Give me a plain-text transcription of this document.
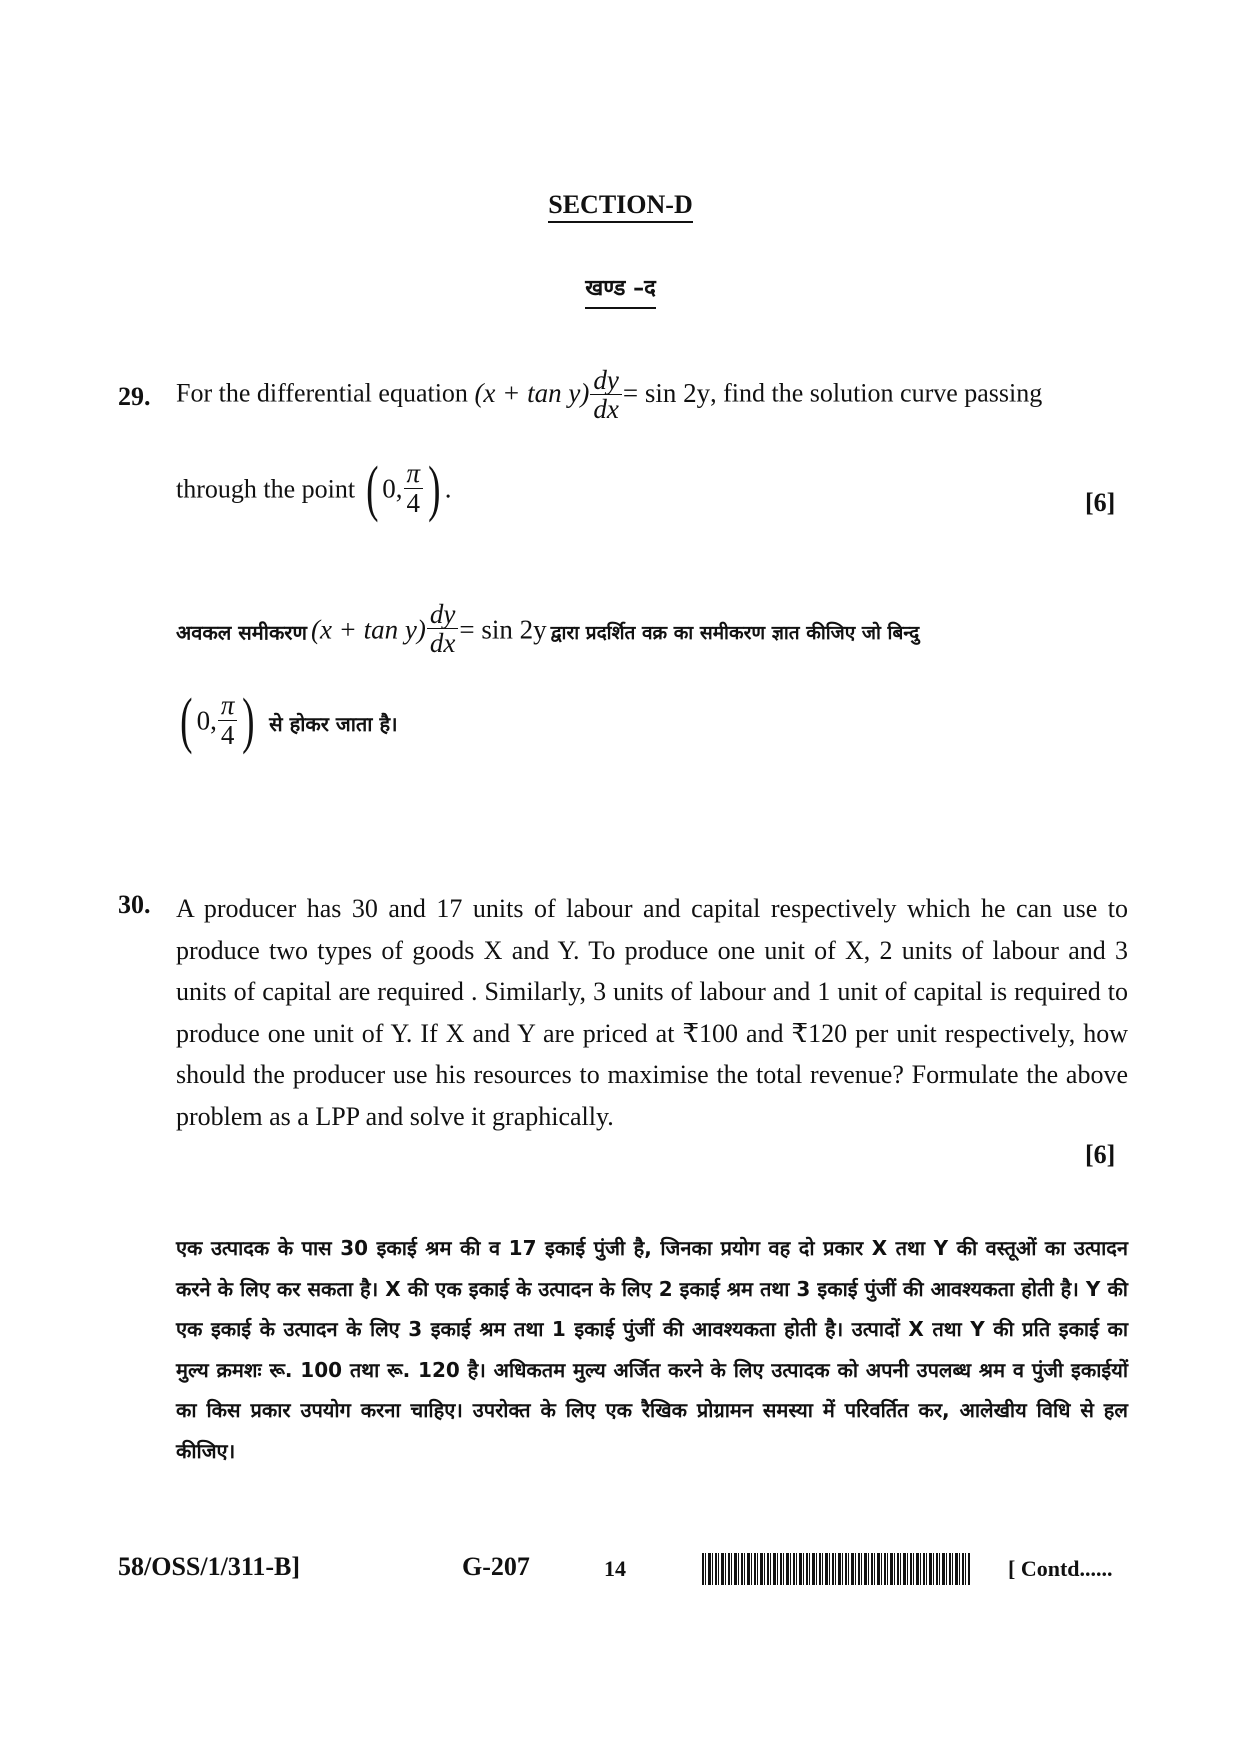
SECTION-D
खण्ड –द
29. For the differential equation $(x + \tan y) \frac{dy}{dx} = \sin 2y$, find the solution curve passing
through the point ( 0, $\frac{\pi}{4}$ ) .	[6]
अवकल समीकरण $(x + \tan y) \frac{dy}{dx} = \sin 2y$ द्वारा प्रदर्शित वक्र का समीकरण ज्ञात कीजिए जो बिन्दु
( 0, $\frac{\pi}{4}$ ) से होकर जाता है।
30. A producer has 30 and 17 units of labour and capital respectively which he can use to produce two types of goods X and Y. To produce one unit of X, 2 units of labour and 3 units of capital are required . Similarly, 3 units of labour and 1 unit of capital is required to produce one unit of Y. If X and Y are priced at ₹100 and ₹120 per unit respectively, how should the producer use his resources to maximise the total revenue? Formulate the above problem as a LPP and solve it graphically.
[6]
एक उत्पादक के पास 30 इकाई श्रम की व 17 इकाई पुंजी है, जिनका प्रयोग वह दो प्रकार X तथा Y की वस्तूओं का उत्पादन करने के लिए कर सकता है। X की एक इकाई के उत्पादन के लिए 2 इकाई श्रम तथा 3 इकाई पुंजीं की आवश्यकता होती है। Y की एक इकाई के उत्पादन के लिए 3 इकाई श्रम तथा 1 इकाई पुंजीं की आवश्यकता होती है। उत्पादों X तथा Y की प्रति इकाई का मुल्य क्रमशः रू. 100 तथा रू. 120 है। अधिकतम मुल्य अर्जित करने के लिए उत्पादक को अपनी उपलब्ध श्रम व पुंजी इकाईयों का किस प्रकार उपयोग करना चाहिए। उपरोक्त के लिए एक रैखिक प्रोग्रामन समस्या में परिवर्तित कर, आलेखीय विधि से हल कीजिए।
58/OSS/1/311-B]	G-207	14	[ Contd......
